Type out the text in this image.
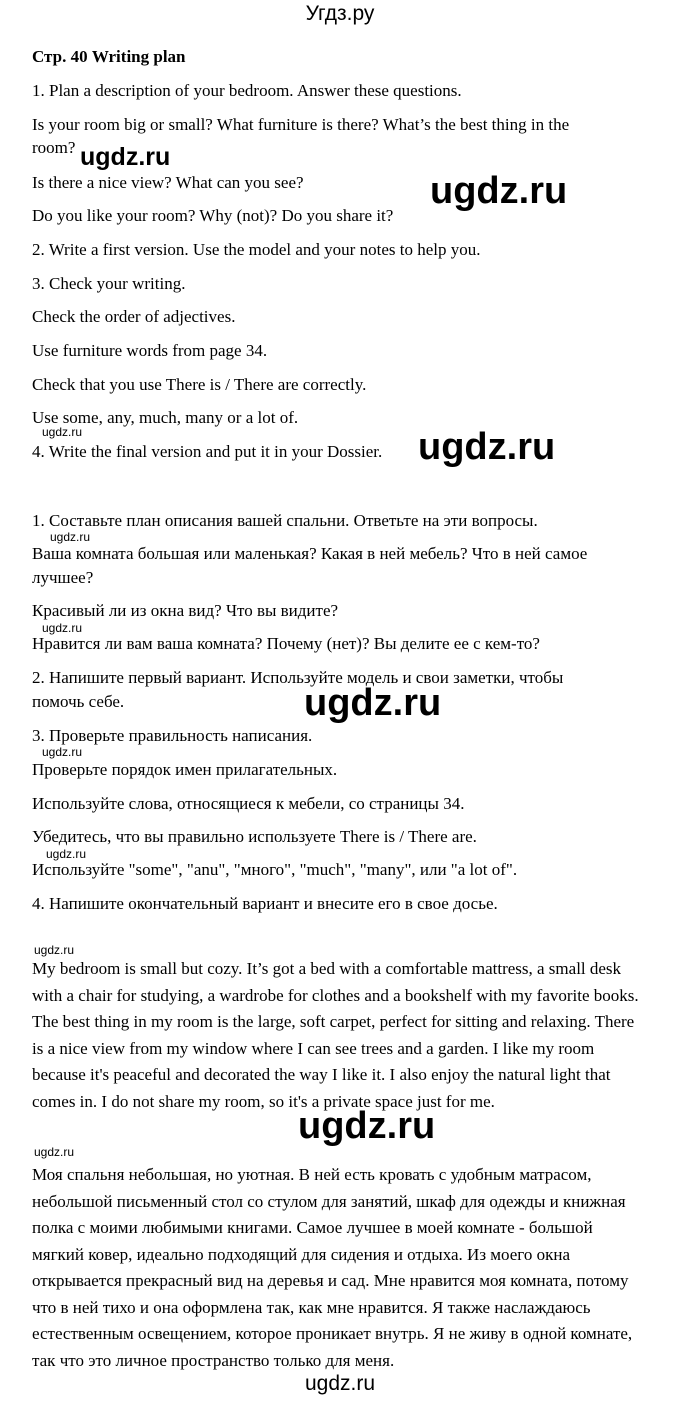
Угдз.ру
Стр. 40 Writing plan
1. Plan a description of your bedroom. Answer these questions.
Is your room big or small? What furniture is there? What’s the best thing in the
room?
Is there a nice view? What can you see?
Do you like your room? Why (not)? Do you share it?
2. Write a first version. Use the model and your notes to help you.
3. Check your writing.
Check the order of adjectives.
Use furniture words from page 34.
Check that you use There is / There are correctly.
Use some, any, much, many or a lot of.
4. Write the final version and put it in your Dossier.
1. Составьте план описания вашей спальни. Ответьте на эти вопросы.
Ваша комната большая или маленькая? Какая в ней мебель? Что в ней самое
лучшее?
Красивый ли из окна вид? Что вы видите?
Нравится ли вам ваша комната? Почему (нет)? Вы делите ее с кем-то?
2. Напишите первый вариант. Используйте модель и свои заметки, чтобы
помочь себе.
3. Проверьте правильность написания.
Проверьте порядок имен прилагательных.
Используйте слова, относящиеся к мебели, со страницы 34.
Убедитесь, что вы правильно используете There is / There are.
Используйте "some", "anu", "много", "much", "many", или "a lot of".
4. Напишите окончательный вариант и внесите его в свое досье.
My bedroom is small but cozy. It’s got a bed with a comfortable mattress, a small desk with a chair for studying, a wardrobe for clothes and a bookshelf with my favorite books. The best thing in my room is the large, soft carpet, perfect for sitting and relaxing. There is a nice view from my window where I can see trees and a garden. I like my room because it's peaceful and decorated the way I like it. I also enjoy the natural light that comes in. I do not share my room, so it's a private space just for me.
Моя спальня небольшая, но уютная. В ней есть кровать с удобным матрасом, небольшой письменный стол со стулом для занятий, шкаф для одежды и книжная полка с моими любимыми книгами. Самое лучшее в моей комнате - большой мягкий ковер, идеально подходящий для сидения и отдыха. Из моего окна открывается прекрасный вид на деревья и сад. Мне нравится моя комната, потому что в ней тихо и она оформлена так, как мне нравится. Я также наслаждаюсь естественным освещением, которое проникает внутрь. Я не живу в одной комнате, так что это личное пространство только для меня.
ugdz.ru
ugdz.ru
ugdz.ru
ugdz.ru
ugdz.ru
ugdz.ru
ugdz.ru
ugdz.ru
ugdz.ru
ugdz.ru
ugdz.ru
ugdz.ru
ugdz.ru
